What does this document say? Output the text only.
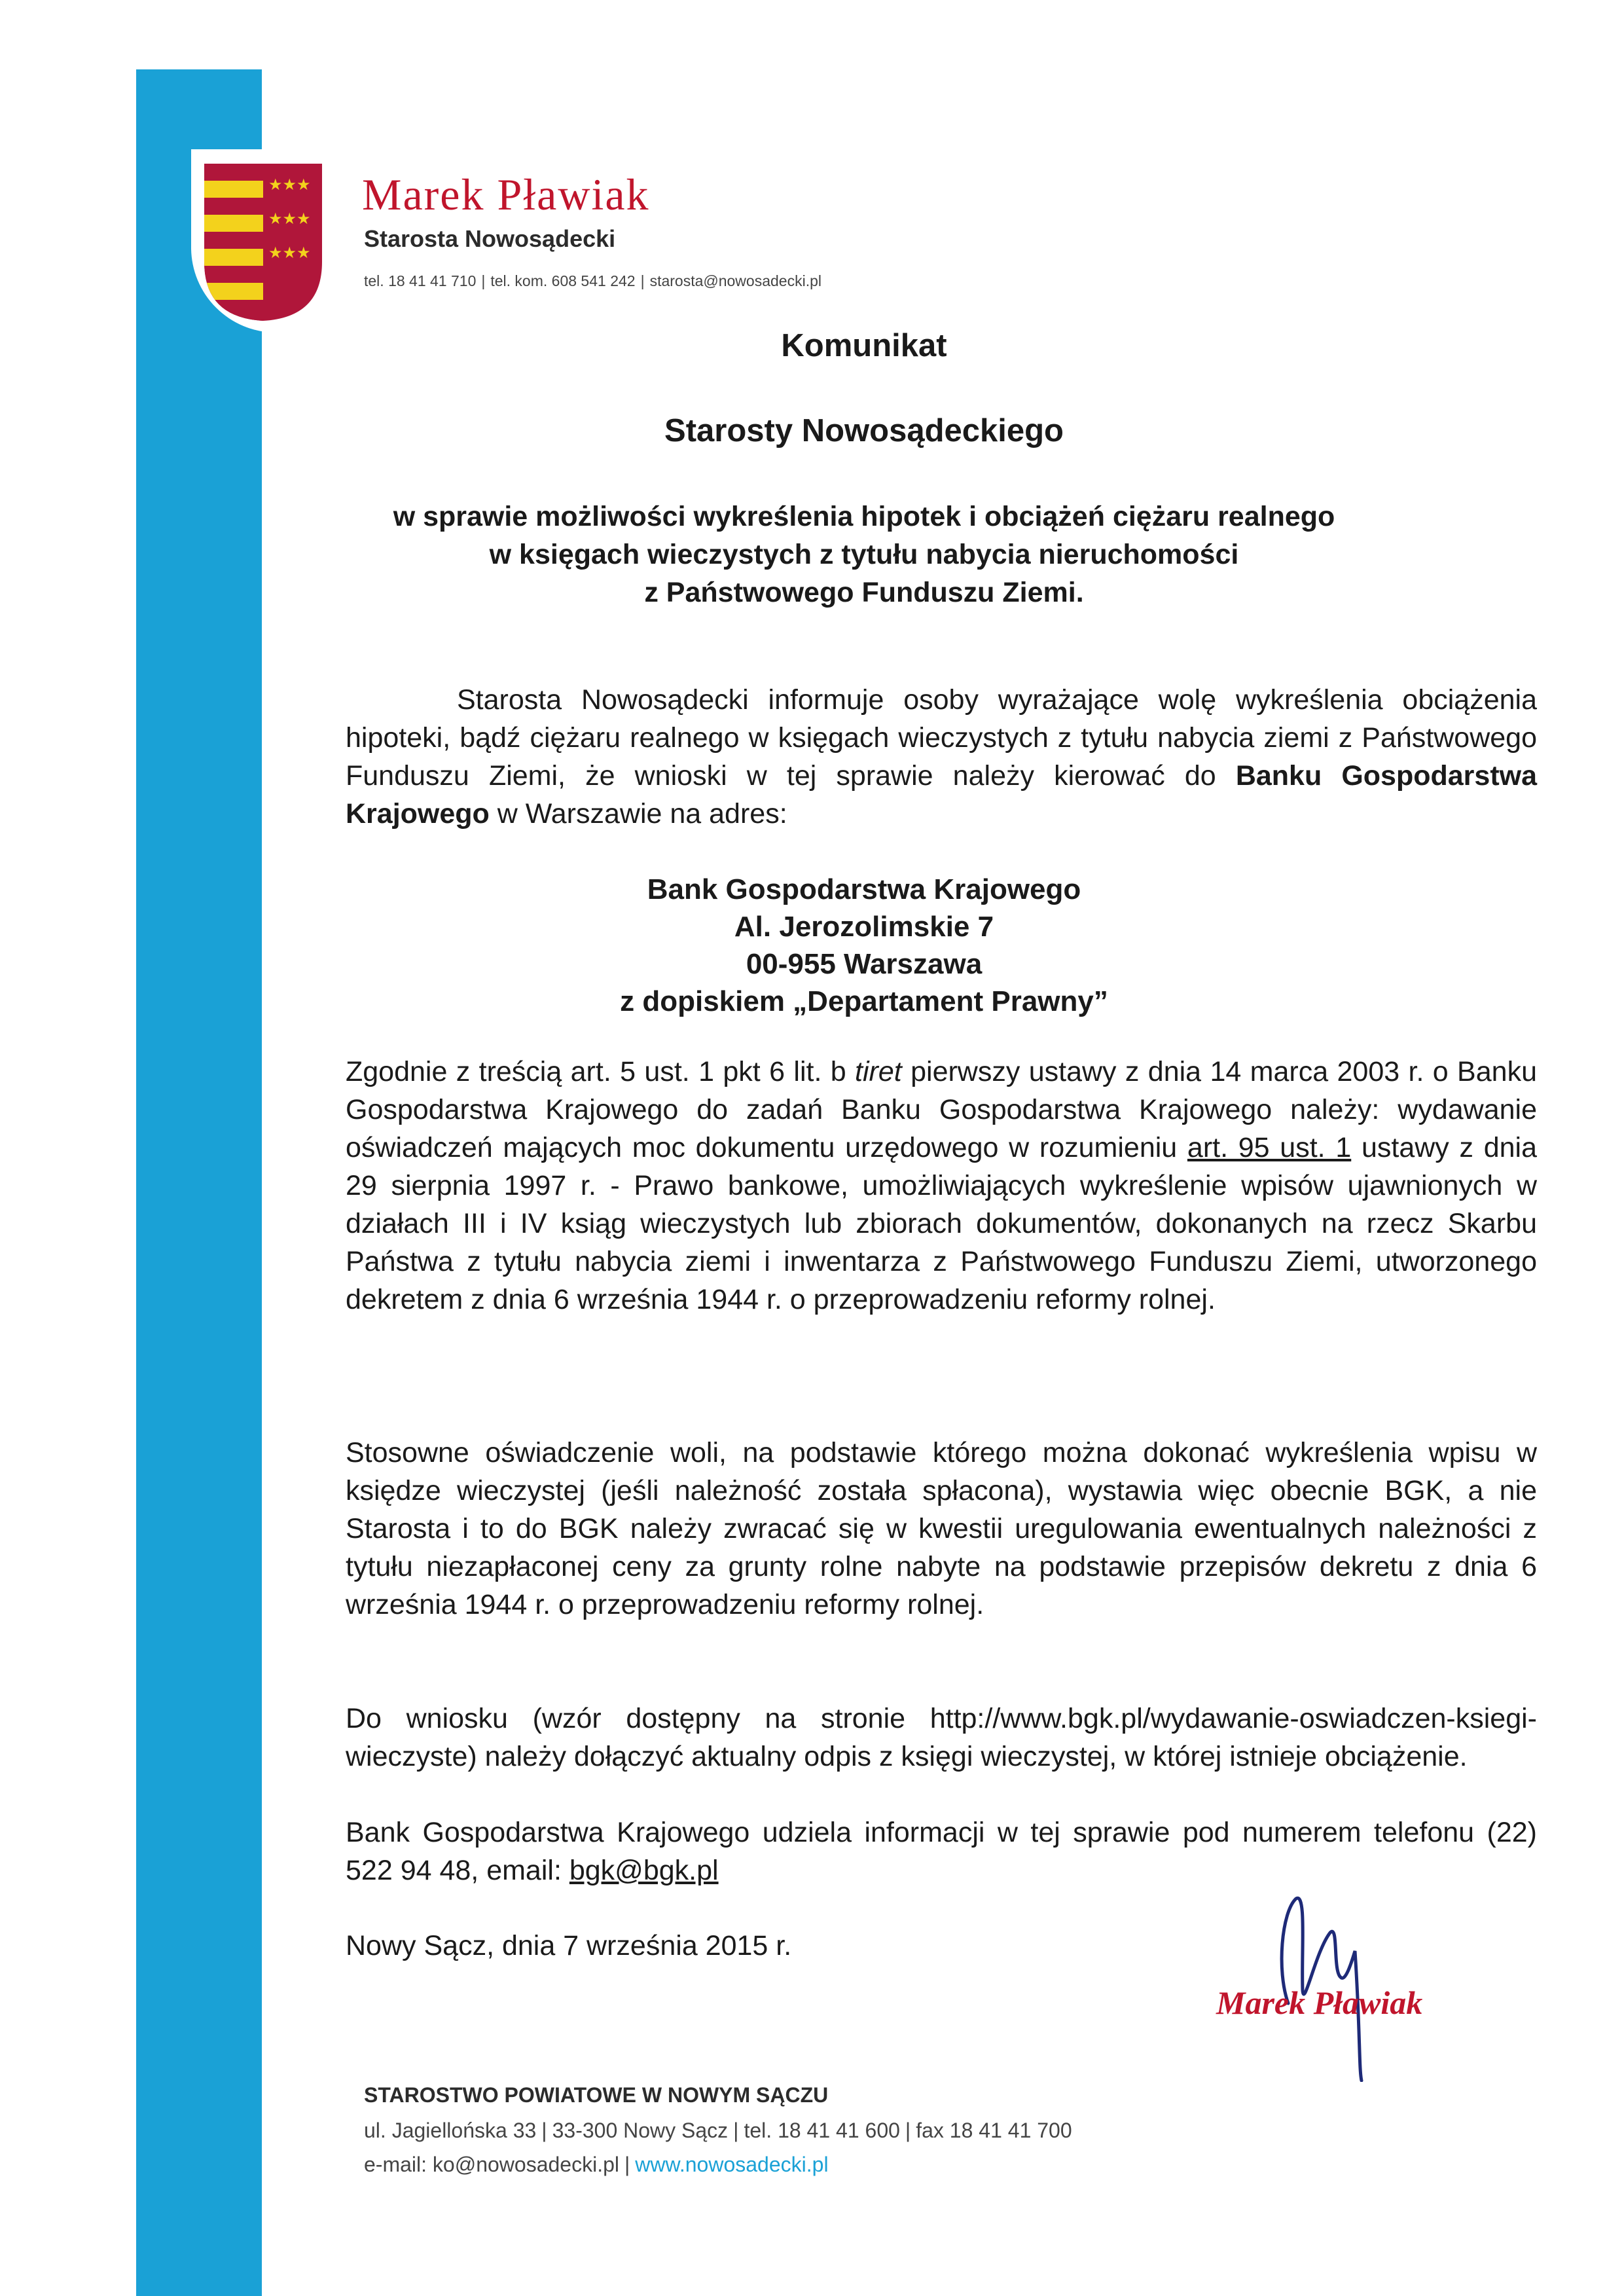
★★★
★★★
★★★
Marek Pławiak
Starosta Nowosądecki
tel. 18 41 41 710 | tel. kom. 608 541 242 | starosta@nowosadecki.pl
Komunikat
Starosty Nowosądeckiego
w sprawie możliwości wykreślenia hipotek i obciążeń ciężaru realnego
w księgach wieczystych z tytułu nabycia nieruchomości
z Państwowego Funduszu Ziemi.
Starosta Nowosądecki informuje osoby wyrażające wolę wykreślenia obciążenia hipoteki, bądź ciężaru realnego w księgach wieczystych z tytułu nabycia ziemi z Państwowego Funduszu Ziemi, że wnioski w tej sprawie należy kierować do Banku Gospodarstwa Krajowego w Warszawie na adres:
Bank Gospodarstwa Krajowego
Al. Jerozolimskie 7
00-955 Warszawa
z dopiskiem „Departament Prawny”
Zgodnie z treścią art. 5 ust. 1 pkt 6 lit. b tiret pierwszy ustawy z dnia 14 marca 2003 r. o Banku Gospodarstwa Krajowego do zadań Banku Gospodarstwa Krajowego należy: wydawanie oświadczeń mających moc dokumentu urzędowego w rozumieniu art. 95 ust. 1 ustawy z dnia 29 sierpnia 1997 r. - Prawo bankowe, umożliwiających wykreślenie wpisów ujawnionych w działach III i IV ksiąg wieczystych lub zbiorach dokumentów, dokonanych na rzecz Skarbu Państwa z tytułu nabycia ziemi i inwentarza z Państwowego Funduszu Ziemi, utworzonego dekretem z dnia 6 września 1944 r. o przeprowadzeniu reformy rolnej.
Stosowne oświadczenie woli, na podstawie którego można dokonać wykreślenia wpisu w księdze wieczystej (jeśli należność została spłacona), wystawia więc obecnie BGK, a nie Starosta i to do BGK należy zwracać się w kwestii uregulowania ewentualnych należności z tytułu niezapłaconej ceny za grunty rolne nabyte na podstawie przepisów dekretu z dnia 6 września 1944 r. o przeprowadzeniu reformy rolnej.
Do wniosku (wzór dostępny na stronie http://www.bgk.pl/wydawanie-oswiadczen-ksiegi-wieczyste) należy dołączyć aktualny odpis z księgi wieczystej, w której istnieje obciążenie.
Bank Gospodarstwa Krajowego udziela informacji w tej sprawie pod numerem telefonu (22) 522 94 48, email: bgk@bgk.pl
Nowy Sącz, dnia 7 września 2015 r.
Marek Pławiak
STAROSTWO POWIATOWE W NOWYM SĄCZU
ul. Jagiellońska 33 | 33-300 Nowy Sącz | tel. 18 41 41 600 | fax 18 41 41 700
e-mail: ko@nowosadecki.pl | www.nowosadecki.pl
